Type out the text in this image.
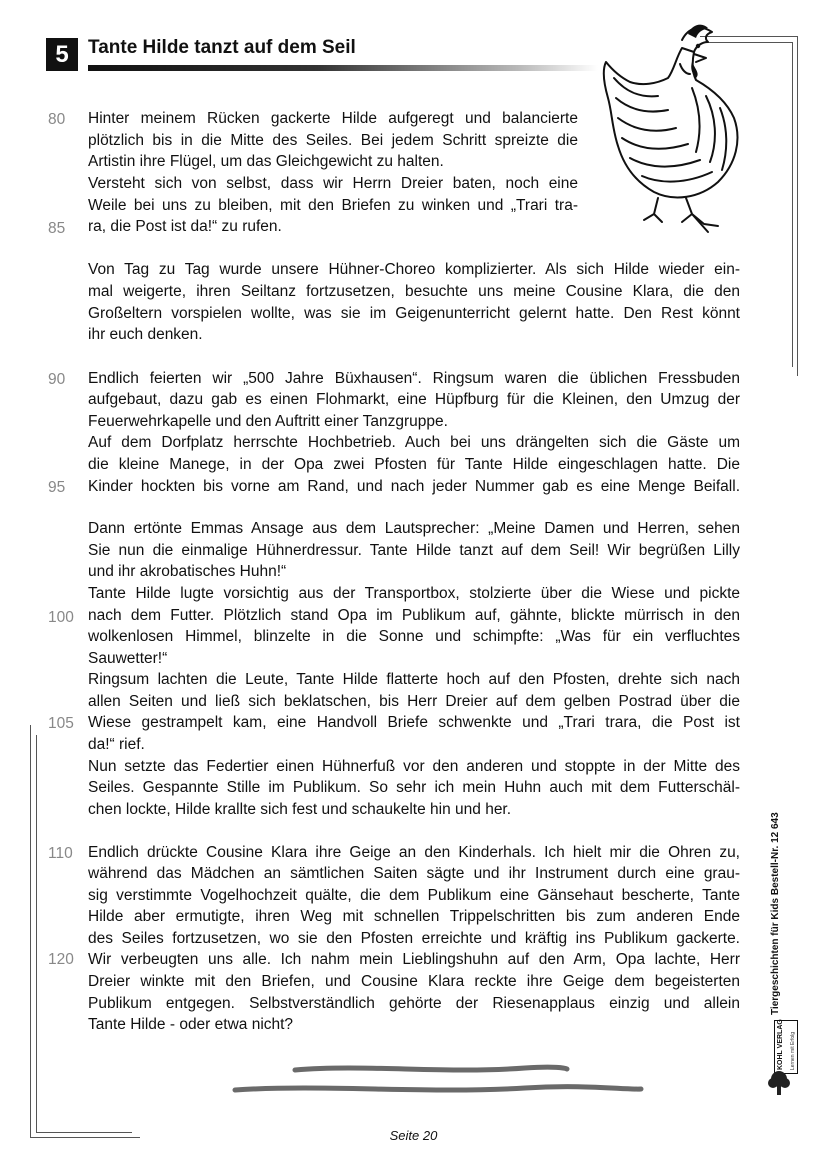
5	Tante Hilde tanzt auf dem Seil
80
85
90
95
100
105
110
120
Hinter meinem Rücken gackerte Hilde aufgeregt und balancierte
plötzlich bis in die Mitte des Seiles. Bei jedem Schritt spreizte die
Artistin ihre Flügel, um das Gleichgewicht zu halten.
Versteht sich von selbst, dass wir Herrn Dreier baten, noch eine
Weile bei uns zu bleiben, mit den Briefen zu winken und „Trari tra-
ra, die Post ist da!“ zu rufen.
Von Tag zu Tag wurde unsere Hühner-Choreo komplizierter. Als sich Hilde wieder ein-
mal weigerte, ihren Seiltanz fortzusetzen, besuchte uns meine Cousine Klara, die den
Großeltern vorspielen wollte, was sie im Geigenunterricht gelernt hatte. Den Rest könnt
ihr euch denken.
Endlich feierten wir „500 Jahre Büxhausen“. Ringsum waren die üblichen Fressbuden
aufgebaut, dazu gab es einen Flohmarkt, eine Hüpfburg für die Kleinen, den Umzug der
Feuerwehrkapelle und den Auftritt einer Tanzgruppe.
Auf dem Dorfplatz herrschte Hochbetrieb. Auch bei uns drängelten sich die Gäste um
die kleine Manege, in der Opa zwei Pfosten für Tante Hilde eingeschlagen hatte. Die
Kinder hockten bis vorne am Rand, und nach jeder Nummer gab es eine Menge Beifall.
Dann ertönte Emmas Ansage aus dem Lautsprecher: „Meine Damen und Herren, sehen
Sie nun die einmalige Hühnerdressur. Tante Hilde tanzt auf dem Seil! Wir begrüßen Lilly
und ihr akrobatisches Huhn!“
Tante Hilde lugte vorsichtig aus der Transportbox, stolzierte über die Wiese und pickte
nach dem Futter. Plötzlich stand Opa im Publikum auf, gähnte, blickte mürrisch in den
wolkenlosen Himmel, blinzelte in die Sonne und schimpfte: „Was für ein verfluchtes
Sauwetter!“
Ringsum lachten die Leute, Tante Hilde flatterte hoch auf den Pfosten, drehte sich nach
allen Seiten und ließ sich beklatschen, bis Herr Dreier auf dem gelben Postrad über die
Wiese gestrampelt kam, eine Handvoll Briefe schwenkte und „Trari trara, die Post ist
da!“ rief.
Nun setzte das Federtier einen Hühnerfuß vor den anderen und stoppte in der Mitte des
Seiles. Gespannte Stille im Publikum. So sehr ich mein Huhn auch mit dem Futterschäl-
chen lockte, Hilde krallte sich fest und schaukelte hin und her.
Endlich drückte Cousine Klara ihre Geige an den Kinderhals. Ich hielt mir die Ohren zu,
während das Mädchen an sämtlichen Saiten sägte und ihr Instrument durch eine grau-
sig verstimmte Vogelhochzeit quälte, die dem Publikum eine Gänsehaut bescherte, Tante
Hilde aber ermutigte, ihren Weg mit schnellen Trippelschritten bis zum anderen Ende
des Seiles fortzusetzen, wo sie den Pfosten erreichte und kräftig ins Publikum gackerte.
Wir verbeugten uns alle. Ich nahm mein Lieblingshuhn auf den Arm, Opa lachte, Herr
Dreier winkte mit den Briefen, und Cousine Klara reckte ihre Geige dem begeisterten
Publikum entgegen. Selbstverständlich gehörte der Riesenapplaus einzig und allein
Tante Hilde - oder etwa nicht?
Tiergeschichten für Kids Bestell-Nr. 12 643
KOHL VERLAG Lernen mit Erfolg
Seite 20
